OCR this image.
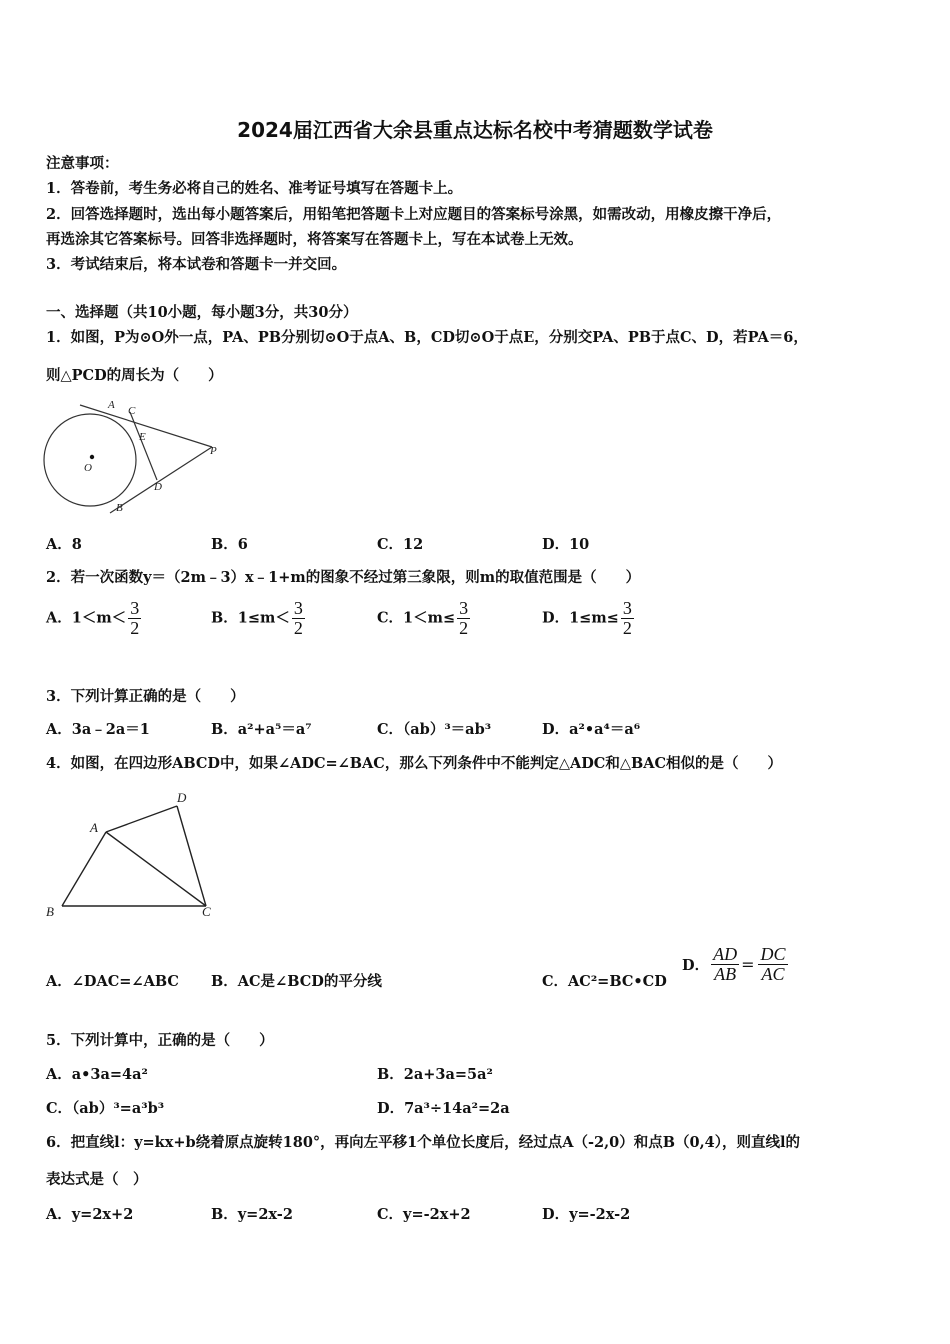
2024届江西省大余县重点达标名校中考猜题数学试卷
注意事项：
1．答卷前，考生务必将自己的姓名、准考证号填写在答题卡上。
2．回答选择题时，选出每小题答案后，用铅笔把答题卡上对应题目的答案标号涂黑，如需改动，用橡皮擦干净后，
再选涂其它答案标号。回答非选择题时，将答案写在答题卡上，写在本试卷上无效。
3．考试结束后，将本试卷和答题卡一并交回。
一、选择题（共10小题，每小题3分，共30分）
1．如图，P为⊙O外一点，PA、PB分别切⊙O于点A、B，CD切⊙O于点E，分别交PA、PB于点C、D，若PA＝6，
则△PCD的周长为（　　）
A C
E
O
P
D
B
A．8	B．6	C．12	D．10
2．若一次函数y＝（2m﹣3）x﹣1+m的图象不经过第三象限，则m的取值范围是（　　）
A．$1<m< \frac{3}{2}$	B．$1\le m< \frac{3}{2}$	C．$1<m\le \frac{3}{2}$	D．$1\le m\le \frac{3}{2}$
3．下列计算正确的是（　　）
A．3a﹣2a＝1	B．a²+a⁵＝a⁷	C．（ab）³＝ab³	D．a²•a⁴＝a⁶
4．如图，在四边形ABCD中，如果∠ADC=∠BAC，那么下列条件中不能判定△ADC和△BAC相似的是（　　）
A
B	C
D
A．∠DAC=∠ABC B．AC是∠BCD的平分线	C．AC²=BC•CD
D． $\frac{AD}{AB} = \frac{DC}{AC}$
5．下列计算中，正确的是（　　）
A．a•3a=4a²	B．2a+3a=5a²
C．（ab）³=a³b³	D．7a³÷14a²=2a
6．把直线l：y=kx+b绕着原点旋转180°，再向左平移1个单位长度后，经过点A（-2,0）和点B（0,4），则直线l的
表达式是（　）
A．y=2x+2	B．y=2x-2	C．y=-2x+2	D．y=-2x-2
